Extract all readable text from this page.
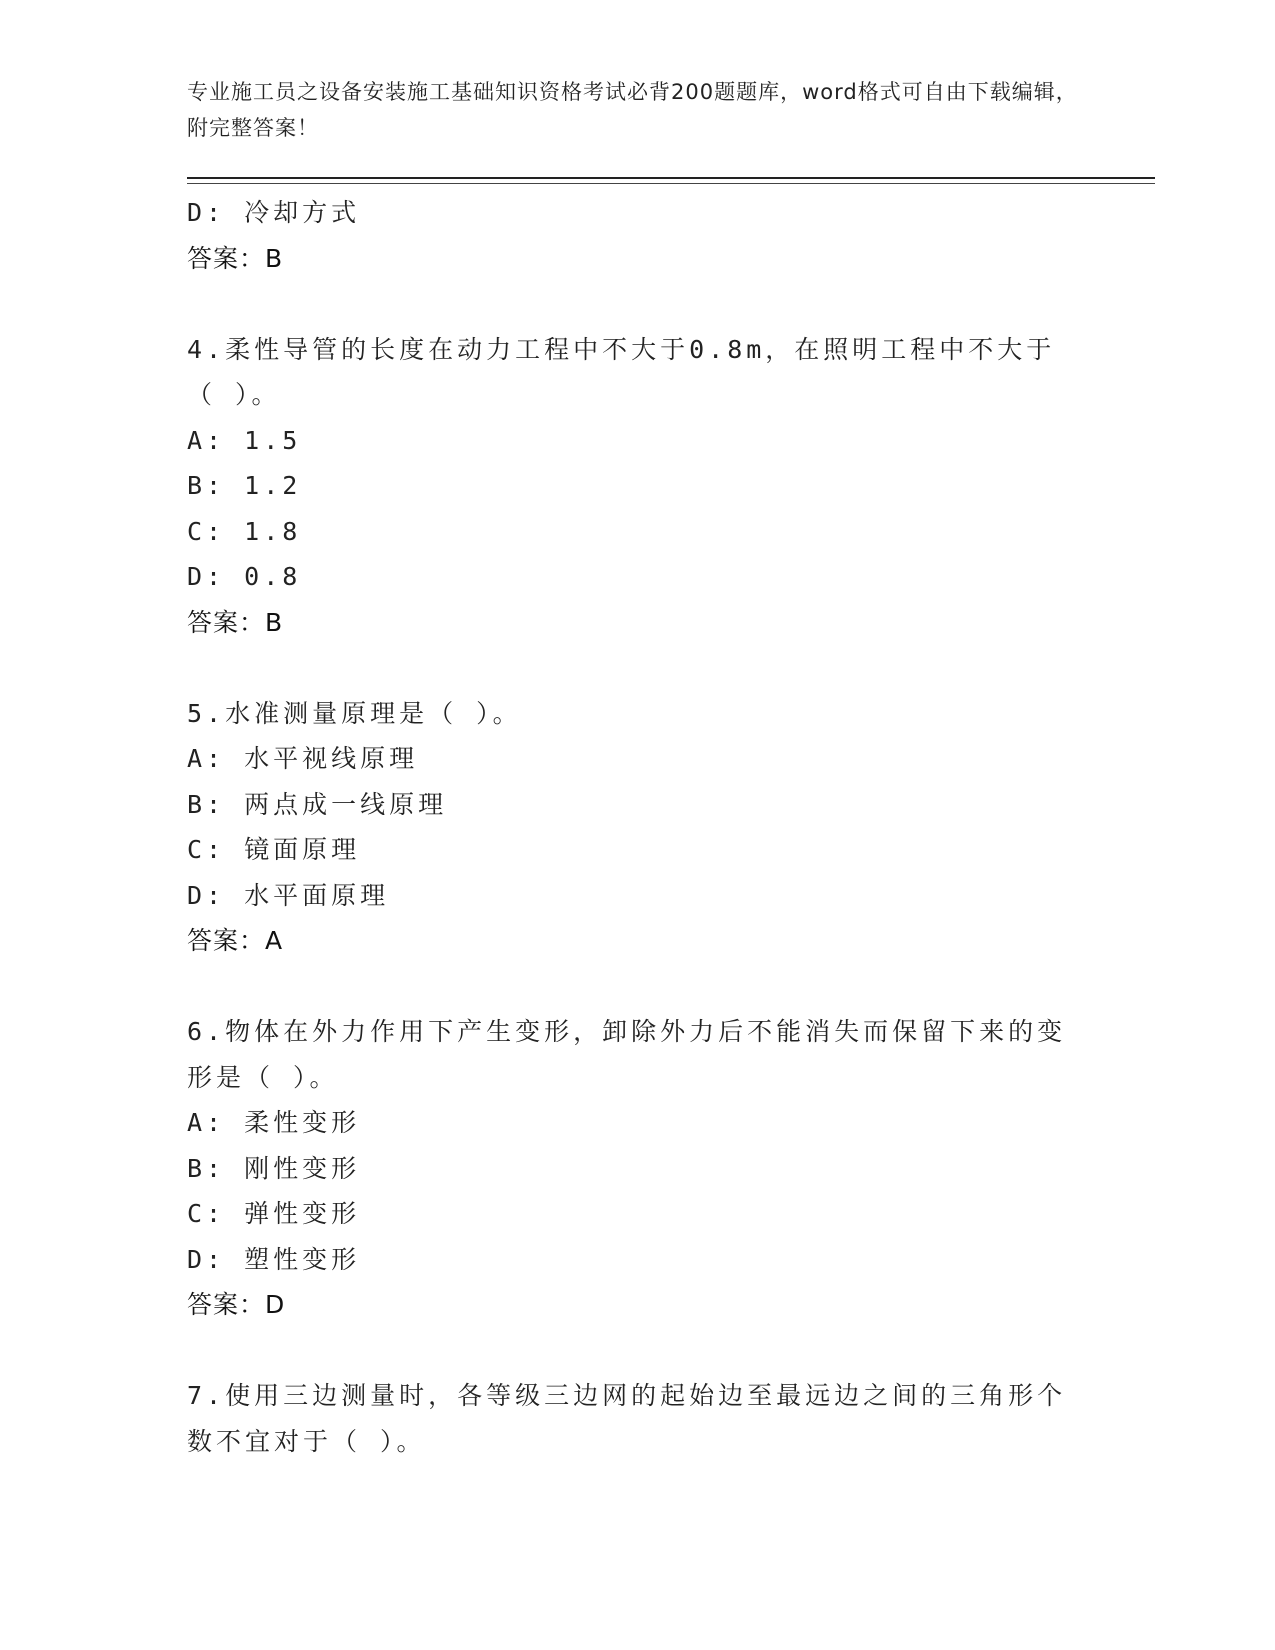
专业施工员之设备安装施工基础知识资格考试必背200题题库，word格式可自由下载编辑，附完整答案！

D: 冷却方式

答案：B

4.柔性导管的长度在动力工程中不大于0.8m，在照明工程中不大于（ ）。

A: 1.5

B: 1.2

C: 1.8

D: 0.8

答案：B

5.水准测量原理是（ ）。

A: 水平视线原理

B: 两点成一线原理

C: 镜面原理

D: 水平面原理

答案：A

6.物体在外力作用下产生变形，卸除外力后不能消失而保留下来的变形是（ ）。

A: 柔性变形

B: 刚性变形

C: 弹性变形

D: 塑性变形

答案：D

7.使用三边测量时，各等级三边网的起始边至最远边之间的三角形个数不宜对于（ ）。
